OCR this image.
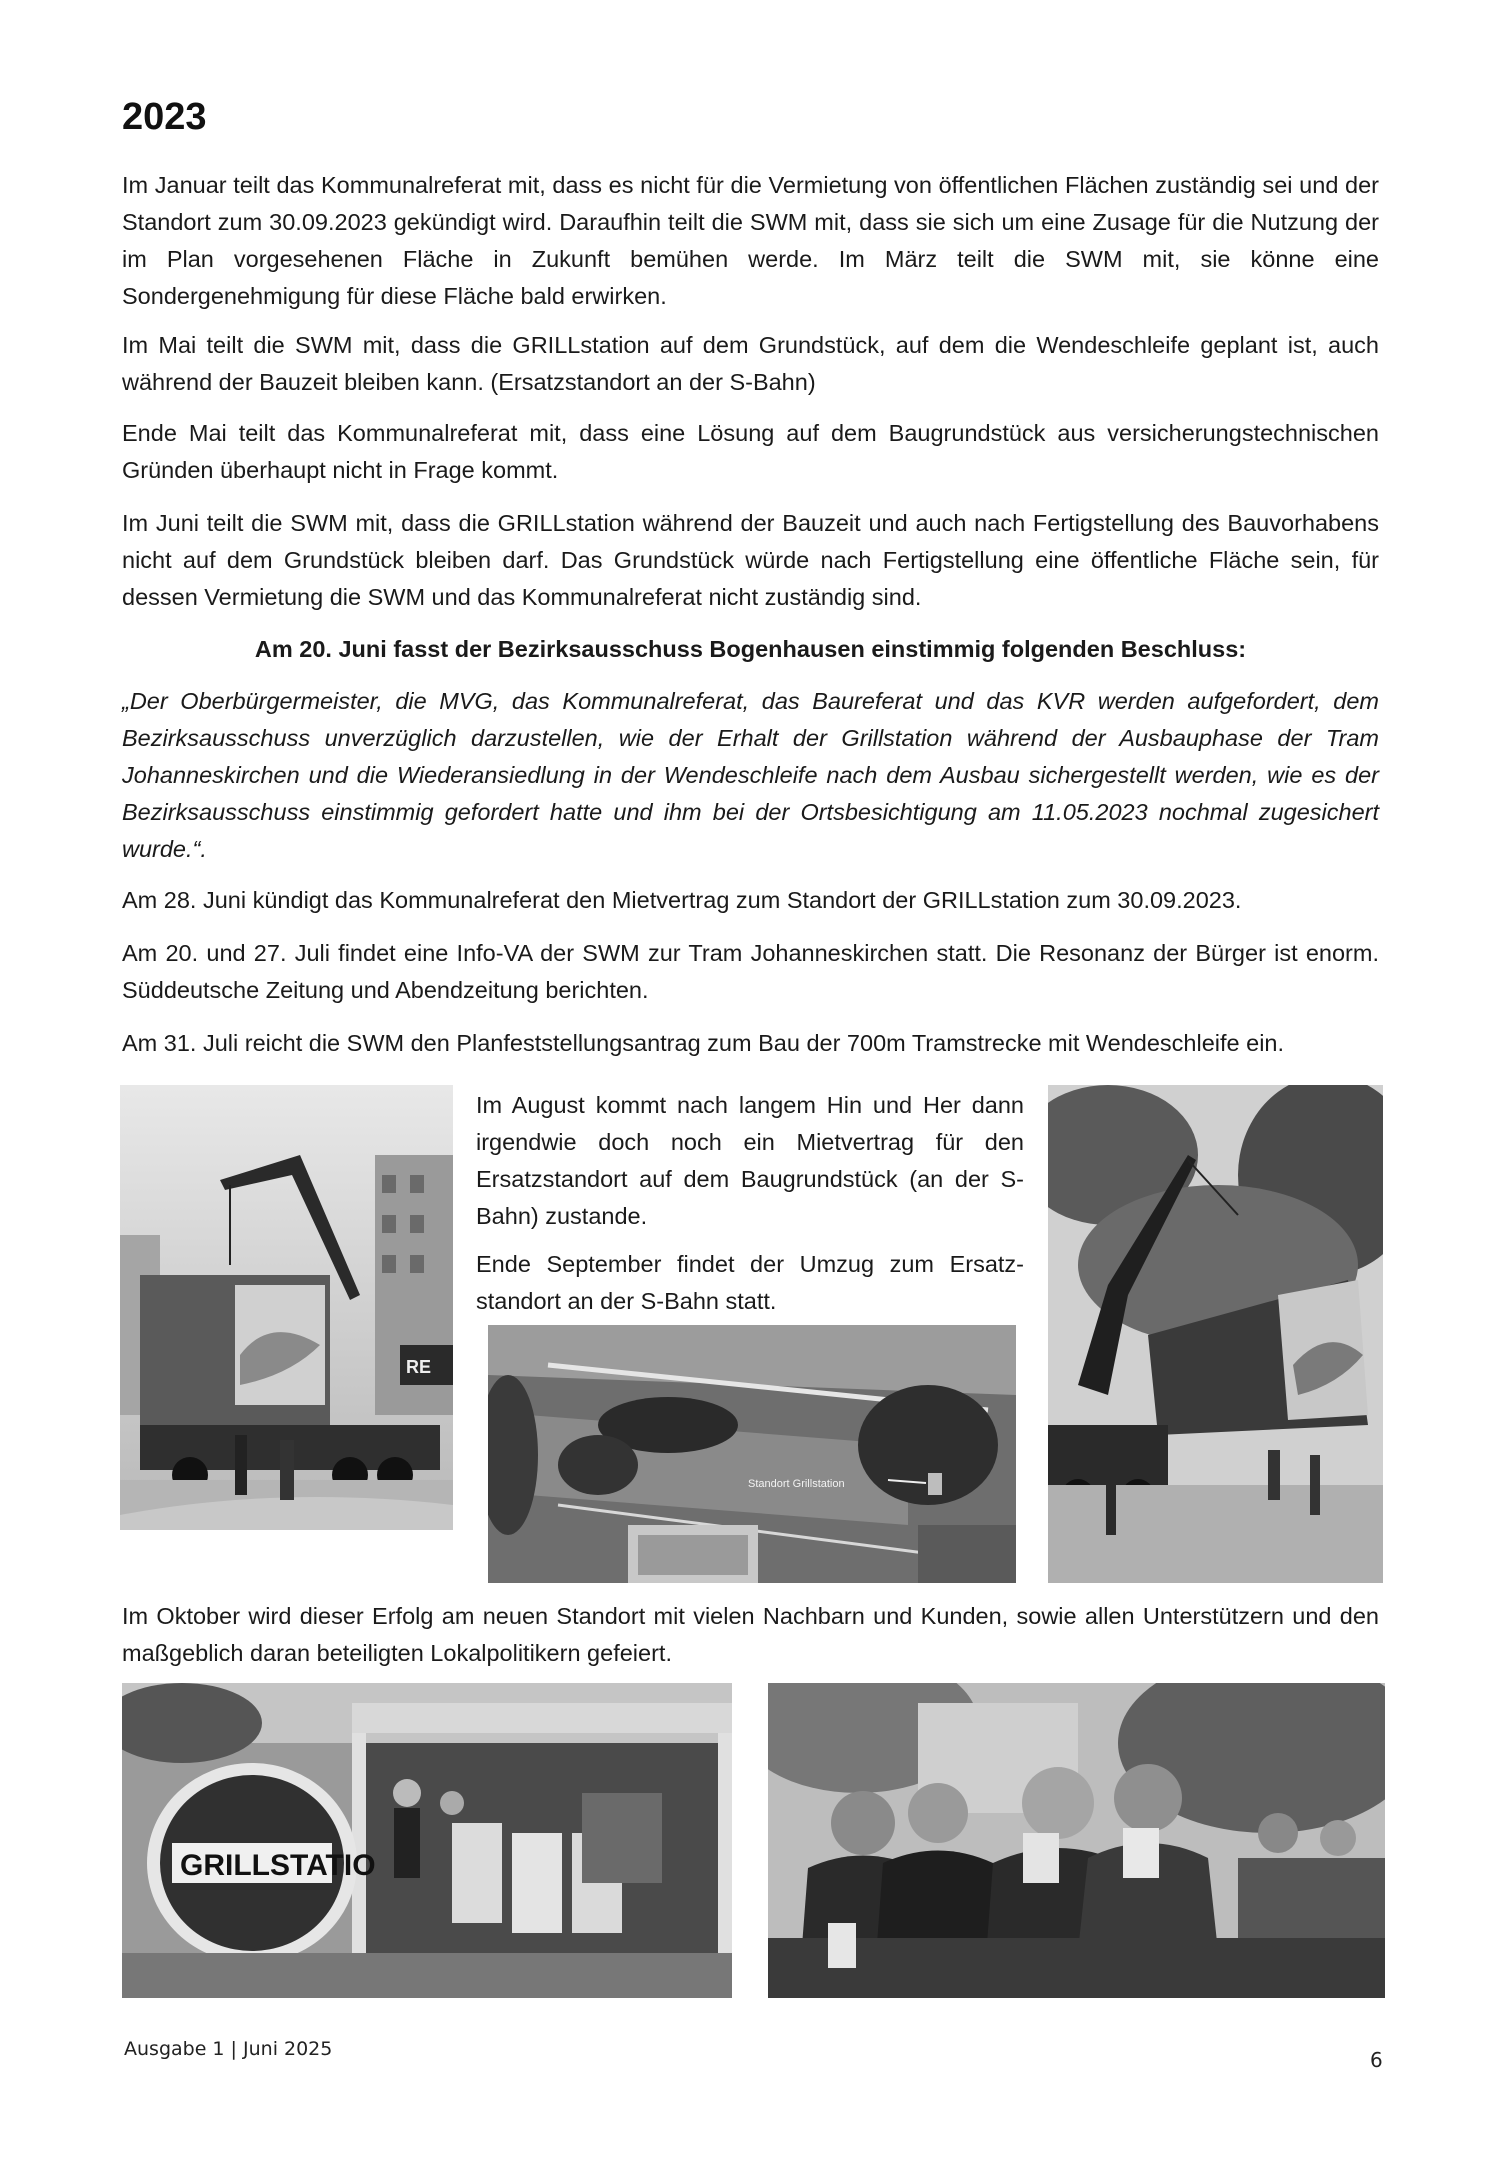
2023

Im Januar teilt das Kommunalreferat mit, dass es nicht für die Vermietung von öffentlichen Flächen zuständig sei und der Standort zum 30.09.2023 gekündigt wird. Daraufhin teilt die SWM mit, dass sie sich um eine Zusage für die Nutzung der im Plan vorgesehenen Fläche in Zukunft bemühen werde. Im März teilt die SWM mit, sie könne eine Sondergenehmigung für diese Fläche bald erwirken.

Im Mai teilt die SWM mit, dass die GRILLstation auf dem Grundstück, auf dem die Wendeschleife geplant ist, auch während der Bauzeit bleiben kann. (Ersatzstandort an der S-Bahn)

Ende Mai teilt das Kommunalreferat mit, dass eine Lösung auf dem Baugrundstück aus versicherungstechnischen Gründen überhaupt nicht in Frage kommt.

Im Juni teilt die SWM mit, dass die GRILLstation während der Bauzeit und auch nach Fertigstellung des Bauvorhabens nicht auf dem Grundstück bleiben darf. Das Grundstück würde nach Fertigstellung eine öffentliche Fläche sein, für dessen Vermietung die SWM und das Kommunalreferat nicht zuständig sind.

Am 20. Juni fasst der Bezirksausschuss Bogenhausen einstimmig folgenden Beschluss:

„Der Oberbürgermeister, die MVG, das Kommunalreferat, das Baureferat und das KVR werden aufgefordert, dem Bezirksausschuss unverzüglich darzustellen, wie der Erhalt der Grillstation während der Ausbauphase der Tram Johanneskirchen und die Wiederansiedlung in der Wendeschleife nach dem Ausbau sichergestellt werden, wie es der Bezirksausschuss einstimmig gefordert hatte und ihm bei der Ortsbesichtigung am 11.05.2023 nochmal zugesichert wurde.“.

Am 28. Juni kündigt das Kommunalreferat den Mietvertrag zum Standort der GRILLstation zum 30.09.2023.

Am 20. und 27. Juli findet eine Info-VA der SWM zur Tram Johanneskirchen statt. Die Resonanz der Bürger ist enorm. Süddeutsche Zeitung und Abendzeitung berichten.

Am 31. Juli reicht die SWM den Planfeststellungsantrag zum Bau der 700m Tramstrecke mit Wendeschleife ein.

RE

Im August kommt nach langem Hin und Her dann irgendwie doch noch ein Mietvertrag für den Ersatzstandort auf dem Baugrundstück (an der S-Bahn) zustande.

Ende September findet der Umzug zum Ersatz- standort an der S-Bahn statt.

Standort Grillstation

Im Oktober wird dieser Erfolg am neuen Standort mit vielen Nachbarn und Kunden, sowie allen Unterstützern und den maßgeblich daran beteiligten Lokalpolitikern gefeiert.

GRILLSTATIO
Ausgabe 1 | Juni 2025	6
